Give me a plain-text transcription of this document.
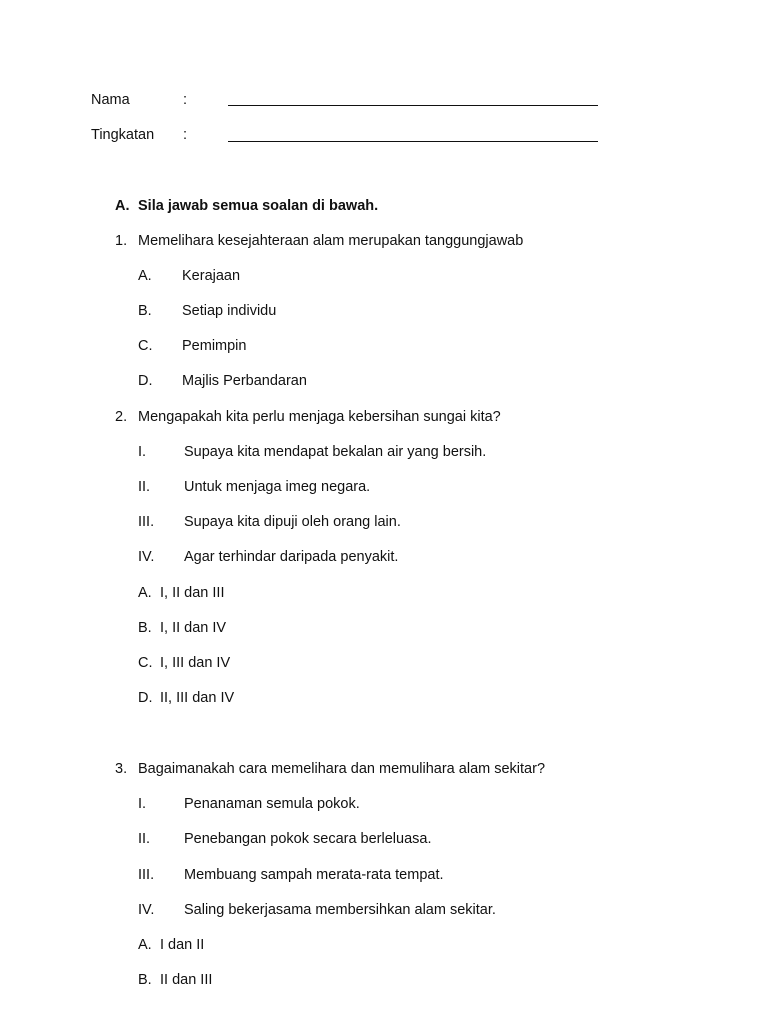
Nama	:
Tingkatan :
A. Sila jawab semua soalan di bawah.
1. Memelihara kesejahteraan alam merupakan tanggungjawab
A. Kerajaan
B. Setiap individu
C. Pemimpin
D. Majlis Perbandaran
2. Mengapakah kita perlu menjaga kebersihan sungai kita?
I.	Supaya kita mendapat bekalan air yang bersih.
II. Untuk menjaga imeg negara.
III. Supaya kita dipuji oleh orang lain.
IV. Agar terhindar daripada penyakit.
A. I, II dan III
B. I, II dan IV
C. I, III dan IV
D. II, III dan IV
3. Bagaimanakah cara memelihara dan memulihara alam sekitar?
I.	Penanaman semula pokok.
II. Penebangan pokok secara berleluasa.
III. Membuang sampah merata-rata tempat.
IV. Saling bekerjasama membersihkan alam sekitar.
A. I dan II
B. II dan III
